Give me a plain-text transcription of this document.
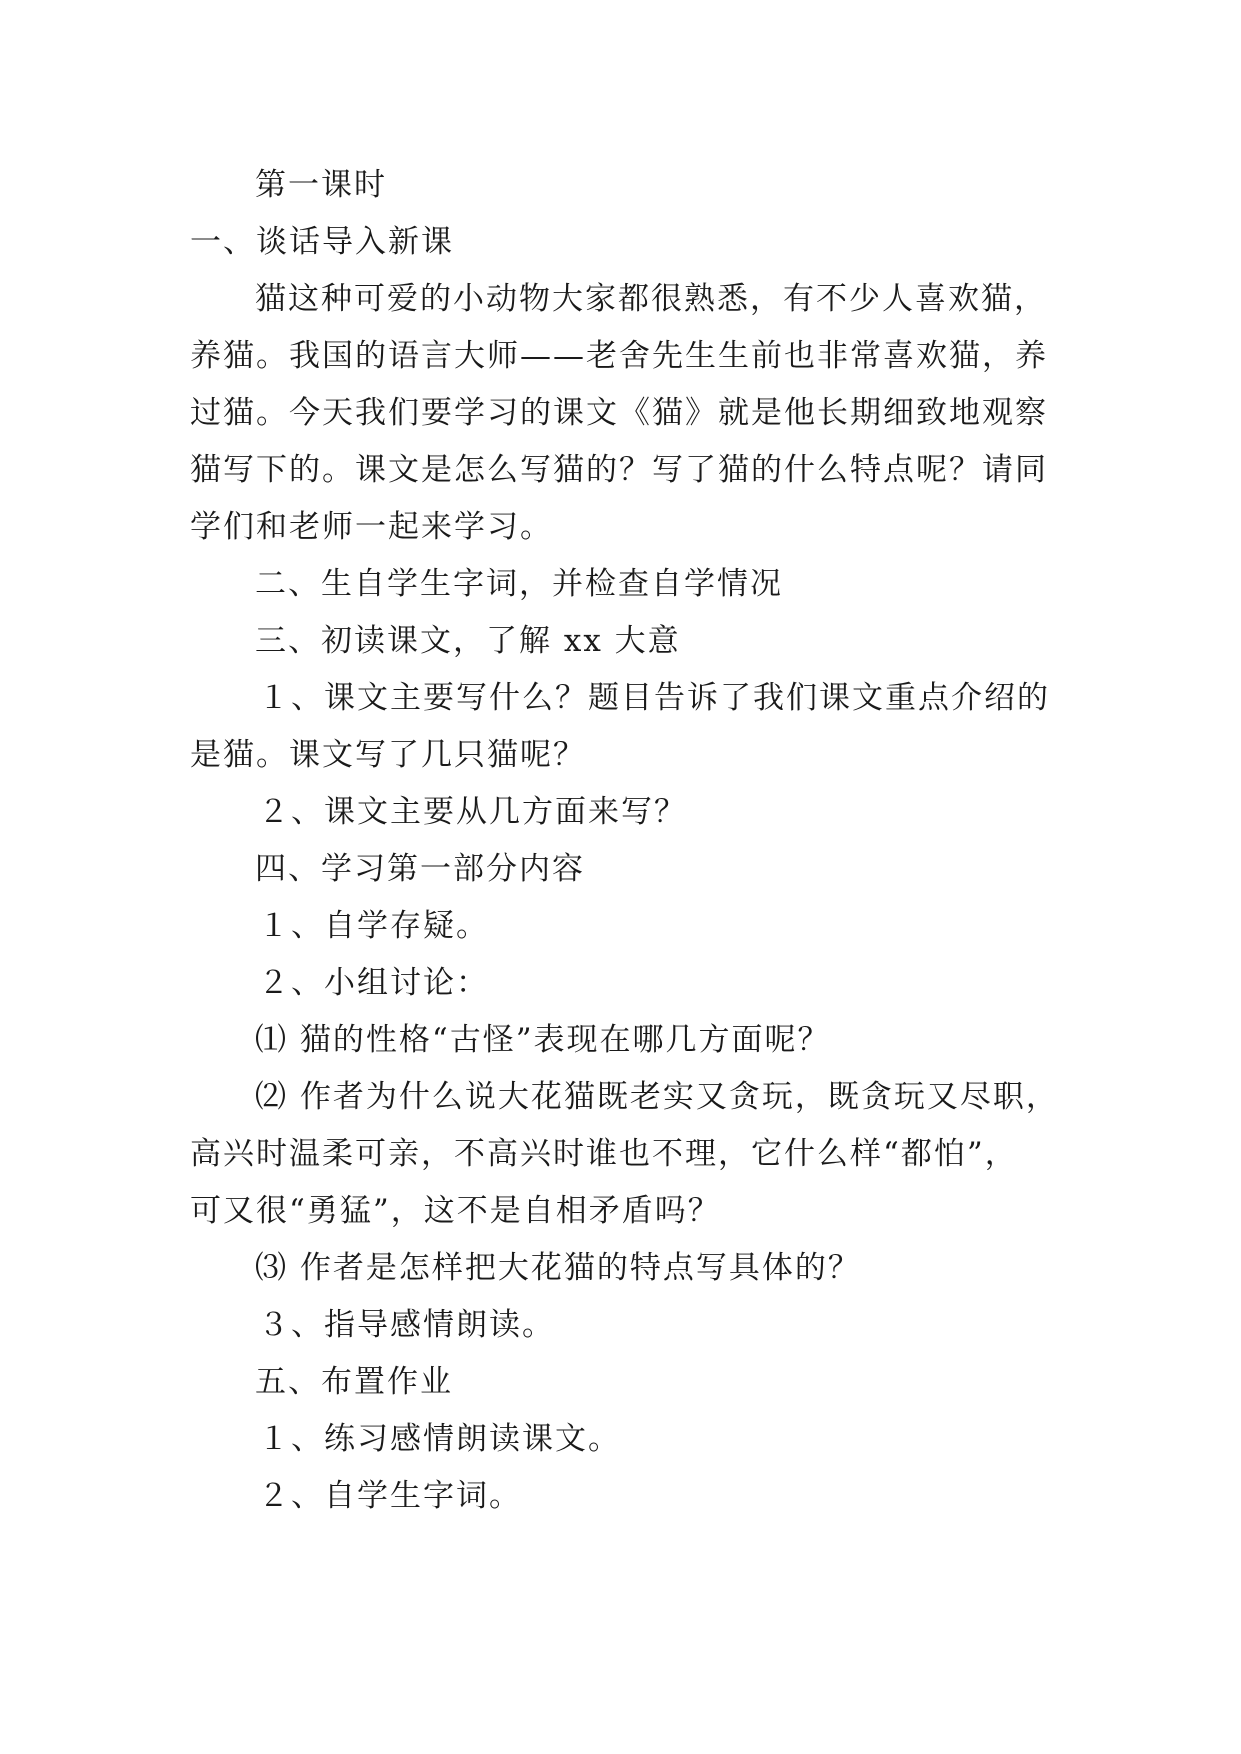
第一课时
一、谈话导入新课
猫这种可爱的小动物大家都很熟悉，有不少人喜欢猫，
养猫。我国的语言大师——老舍先生生前也非常喜欢猫，养
过猫。今天我们要学习的课文《猫》就是他长期细致地观察
猫写下的。课文是怎么写猫的？写了猫的什么特点呢？请同
学们和老师一起来学习。
二、生自学生字词，并检查自学情况
三、初读课文，了解 xx 大意
１、课文主要写什么？题目告诉了我们课文重点介绍的
是猫。课文写了几只猫呢？
２、课文主要从几方面来写？
四、学习第一部分内容
１、自学存疑。
２、小组讨论：
⑴ 猫的性格“古怪”表现在哪几方面呢？
⑵ 作者为什么说大花猫既老实又贪玩，既贪玩又尽职，
高兴时温柔可亲，不高兴时谁也不理，它什么样“都怕”，
可又很“勇猛”，这不是自相矛盾吗？
⑶ 作者是怎样把大花猫的特点写具体的？
３、指导感情朗读。
五、布置作业
１、练习感情朗读课文。
２、自学生字词。
